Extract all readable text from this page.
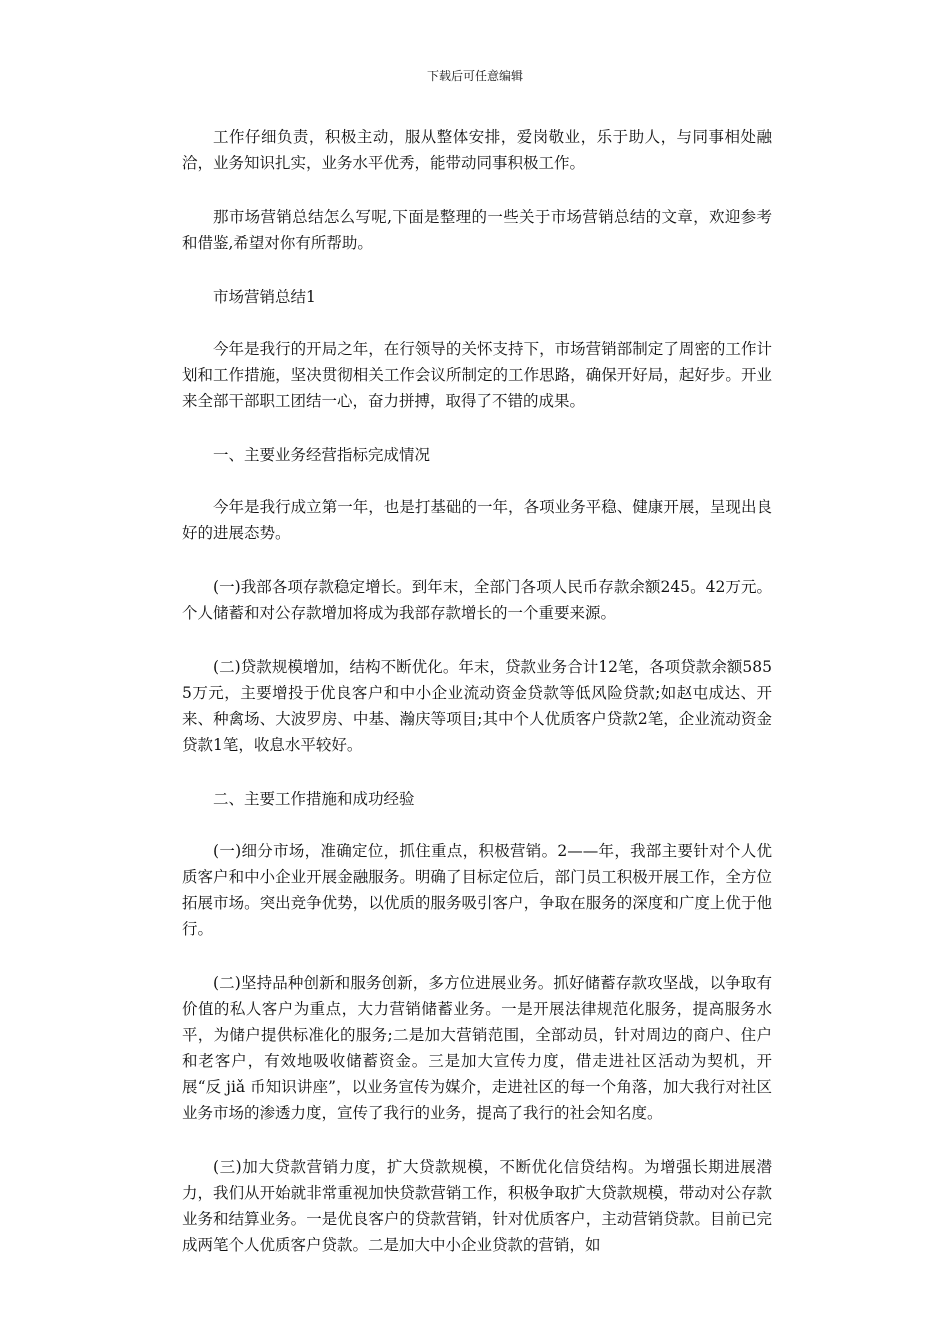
下载后可任意编辑

工作仔细负责，积极主动，服从整体安排，爱岗敬业，乐于助人，与同事相处融洽，业务知识扎实，业务水平优秀，能带动同事积极工作。

那市场营销总结怎么写呢,下面是整理的一些关于市场营销总结的文章，欢迎参考和借鉴,希望对你有所帮助。

市场营销总结1

今年是我行的开局之年，在行领导的关怀支持下，市场营销部制定了周密的工作计划和工作措施，坚决贯彻相关工作会议所制定的工作思路，确保开好局，起好步。开业来全部干部职工团结一心，奋力拼搏，取得了不错的成果。

一、主要业务经营指标完成情况

今年是我行成立第一年，也是打基础的一年，各项业务平稳、健康开展，呈现出良好的进展态势。

(一)我部各项存款稳定增长。到年末，全部门各项人民币存款余额245。42万元。个人储蓄和对公存款增加将成为我部存款增长的一个重要来源。

(二)贷款规模增加，结构不断优化。年末，贷款业务合计12笔，各项贷款余额5855万元，主要增投于优良客户和中小企业流动资金贷款等低风险贷款;如赵屯成达、开来、种禽场、大波罗房、中基、瀚庆等项目;其中个人优质客户贷款2笔，企业流动资金贷款1笔，收息水平较好。

二、主要工作措施和成功经验

(一)细分市场，准确定位，抓住重点，积极营销。2——年，我部主要针对个人优质客户和中小企业开展金融服务。明确了目标定位后，部门员工积极开展工作，全方位拓展市场。突出竞争优势，以优质的服务吸引客户，争取在服务的深度和广度上优于他行。

(二)坚持品种创新和服务创新，多方位进展业务。抓好储蓄存款攻坚战，以争取有价值的私人客户为重点，大力营销储蓄业务。一是开展法律规范化服务，提高服务水平，为储户提供标准化的服务;二是加大营销范围，全部动员，针对周边的商户、住户和老客户，有效地吸收储蓄资金。三是加大宣传力度，借走进社区活动为契机，开展“反 jiǎ 币知识讲座”，以业务宣传为媒介，走进社区的每一个角落，加大我行对社区业务市场的渗透力度，宣传了我行的业务，提高了我行的社会知名度。

(三)加大贷款营销力度，扩大贷款规模，不断优化信贷结构。为增强长期进展潜力，我们从开始就非常重视加快贷款营销工作，积极争取扩大贷款规模，带动对公存款业务和结算业务。一是优良客户的贷款营销，针对优质客户，主动营销贷款。目前已完成两笔个人优质客户贷款。二是加大中小企业贷款的营销，如
